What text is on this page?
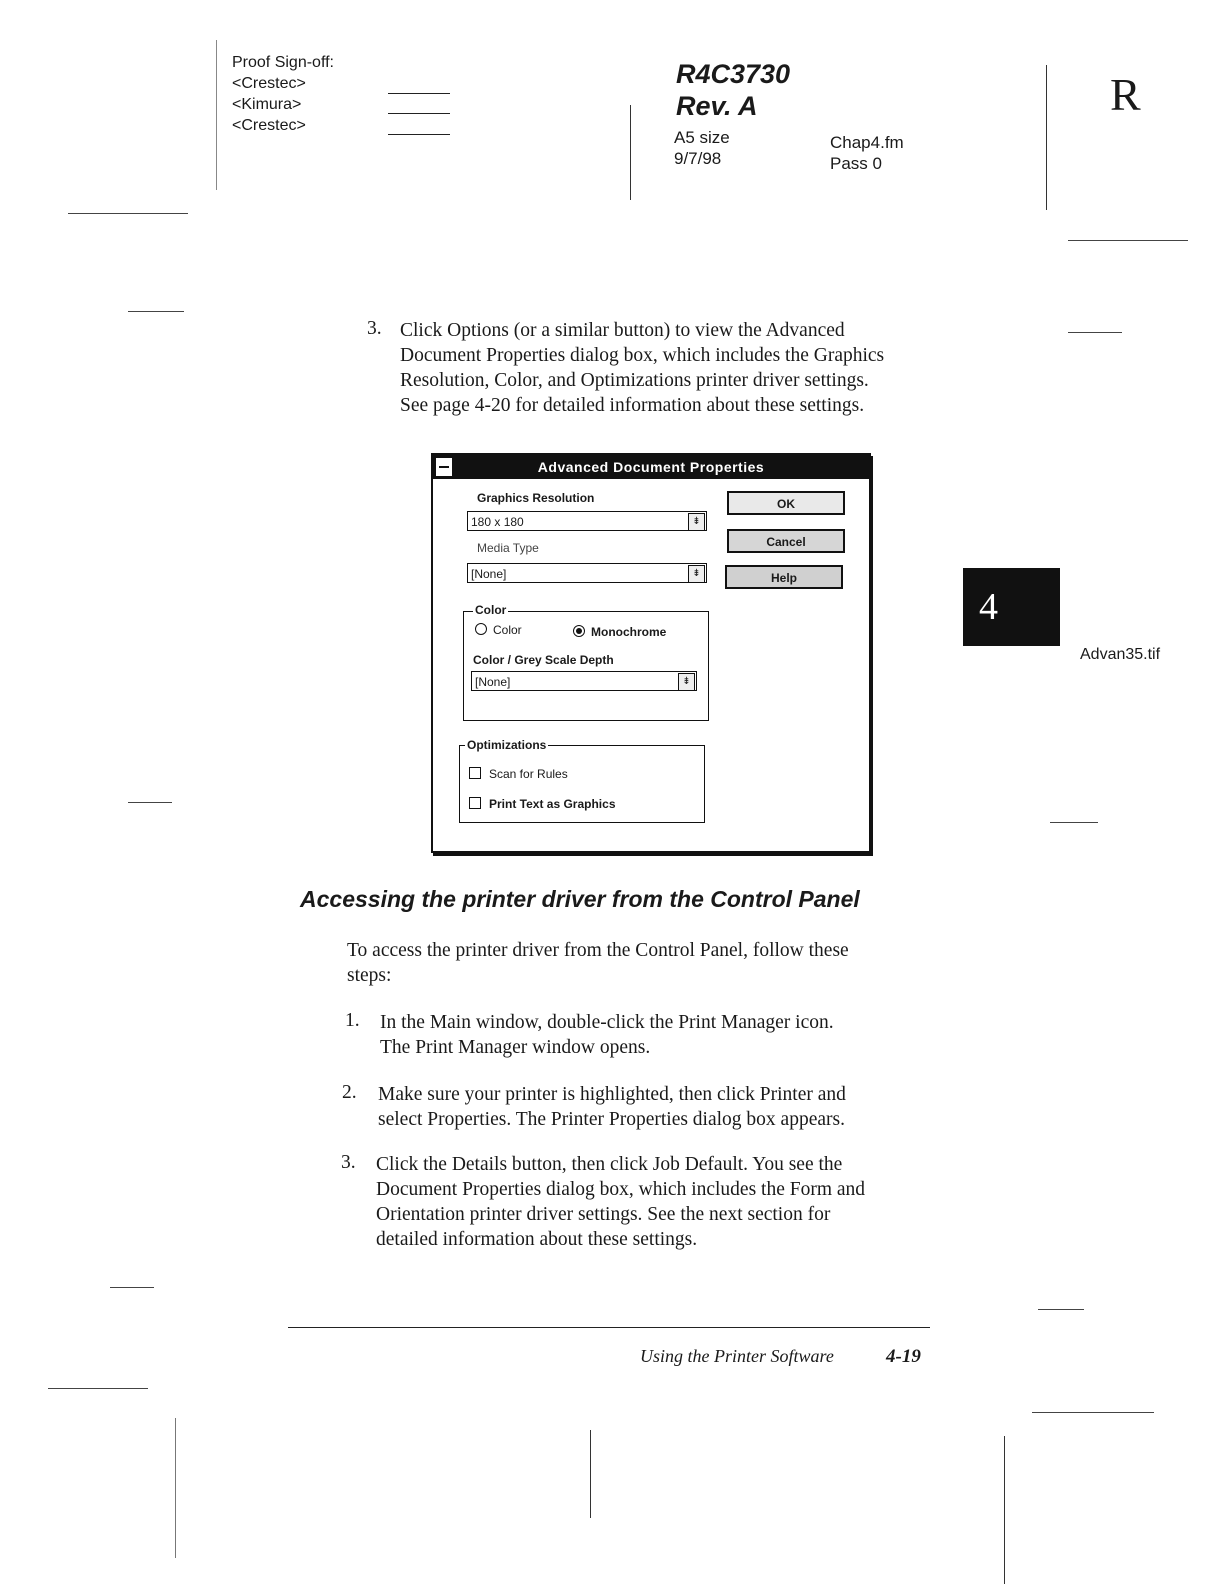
Proof Sign-off:
<Crestec>
<Kimura>
<Crestec>
R4C3730
Rev. A
A5 size
9/7/98
Chap4.fm
Pass 0
R
3. Click Options (or a similar button) to view the Advanced
Document Properties dialog box, which includes the Graphics
Resolution, Color, and Optimizations printer driver settings.
See page 4-20 for detailed information about these settings.
Advanced Document Properties
Graphics Resolution
180 x 180	⇟
Media Type
[None]	⇟
OK
Cancel
Help
Color
Color	Monochrome
Color / Grey Scale Depth
[None]	⇟
Optimizations
Scan for Rules
Print Text as Graphics
4
Advan35.tif
Accessing the printer driver from the Control Panel
To access the printer driver from the Control Panel, follow these
steps:
1. In the Main window, double-click the Print Manager icon.
The Print Manager window opens.
2. Make sure your printer is highlighted, then click Printer and
select Properties. The Printer Properties dialog box appears.
3. Click the Details button, then click Job Default. You see the
Document Properties dialog box, which includes the Form and
Orientation printer driver settings. See the next section for
detailed information about these settings.
Using the Printer Software	4-19
